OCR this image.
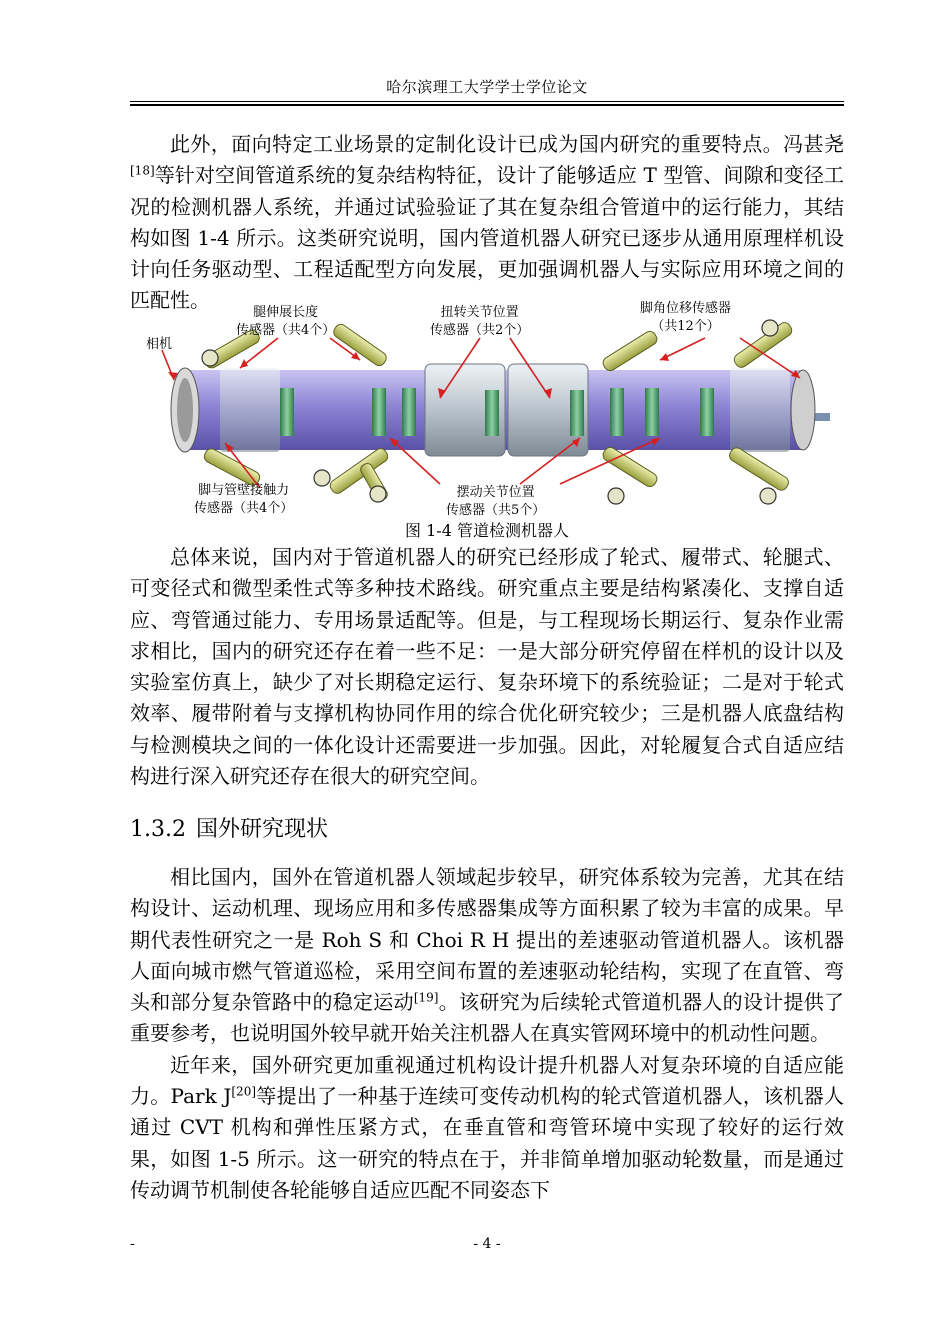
哈尔滨理工大学学士学位论文

此外，面向特定工业场景的定制化设计已成为国内研究的重要特点。冯甚尧[18]等针对空间管道系统的复杂结构特征，设计了能够适应 T 型管、间隙和变径工况的检测机器人系统，并通过试验验证了其在复杂组合管道中的运行能力，其结构如图 1-4 所示。这类研究说明，国内管道机器人研究已逐步从通用原理样机设计向任务驱动型、工程适配型方向发展，更加强调机器人与实际应用环境之间的匹配性。

相机
腿伸展长度
传感器（共4个）
扭转关节位置
传感器（共2个）
脚角位移传感器
（共12个）
脚与管壁接触力
传感器（共4个）
摆动关节位置
传感器（共5个）
图 1-4 管道检测机器人

总体来说，国内对于管道机器人的研究已经形成了轮式、履带式、轮腿式、可变径式和微型柔性式等多种技术路线。研究重点主要是结构紧凑化、支撑自适应、弯管通过能力、专用场景适配等。但是，与工程现场长期运行、复杂作业需求相比，国内的研究还存在着一些不足：一是大部分研究停留在样机的设计以及实验室仿真上，缺少了对长期稳定运行、复杂环境下的系统验证；二是对于轮式效率、履带附着与支撑机构协同作用的综合优化研究较少；三是机器人底盘结构与检测模块之间的一体化设计还需要进一步加强。因此，对轮履复合式自适应结构进行深入研究还存在很大的研究空间。

1.3.2 国外研究现状

相比国内，国外在管道机器人领域起步较早，研究体系较为完善，尤其在结构设计、运动机理、现场应用和多传感器集成等方面积累了较为丰富的成果。早期代表性研究之一是 Roh S 和 Choi R H 提出的差速驱动管道机器人。该机器人面向城市燃气管道巡检，采用空间布置的差速驱动轮结构，实现了在直管、弯头和部分复杂管路中的稳定运动[19]。该研究为后续轮式管道机器人的设计提供了重要参考，也说明国外较早就开始关注机器人在真实管网环境中的机动性问题。

近年来，国外研究更加重视通过机构设计提升机器人对复杂环境的自适应能力。Park J[20]等提出了一种基于连续可变传动机构的轮式管道机器人，该机器人通过 CVT 机构和弹性压紧方式，在垂直管和弯管环境中实现了较好的运行效果，如图 1-5 所示。这一研究的特点在于，并非简单增加驱动轮数量，而是通过传动调节机制使各轮能够自适应匹配不同姿态下

-	- 4 -
